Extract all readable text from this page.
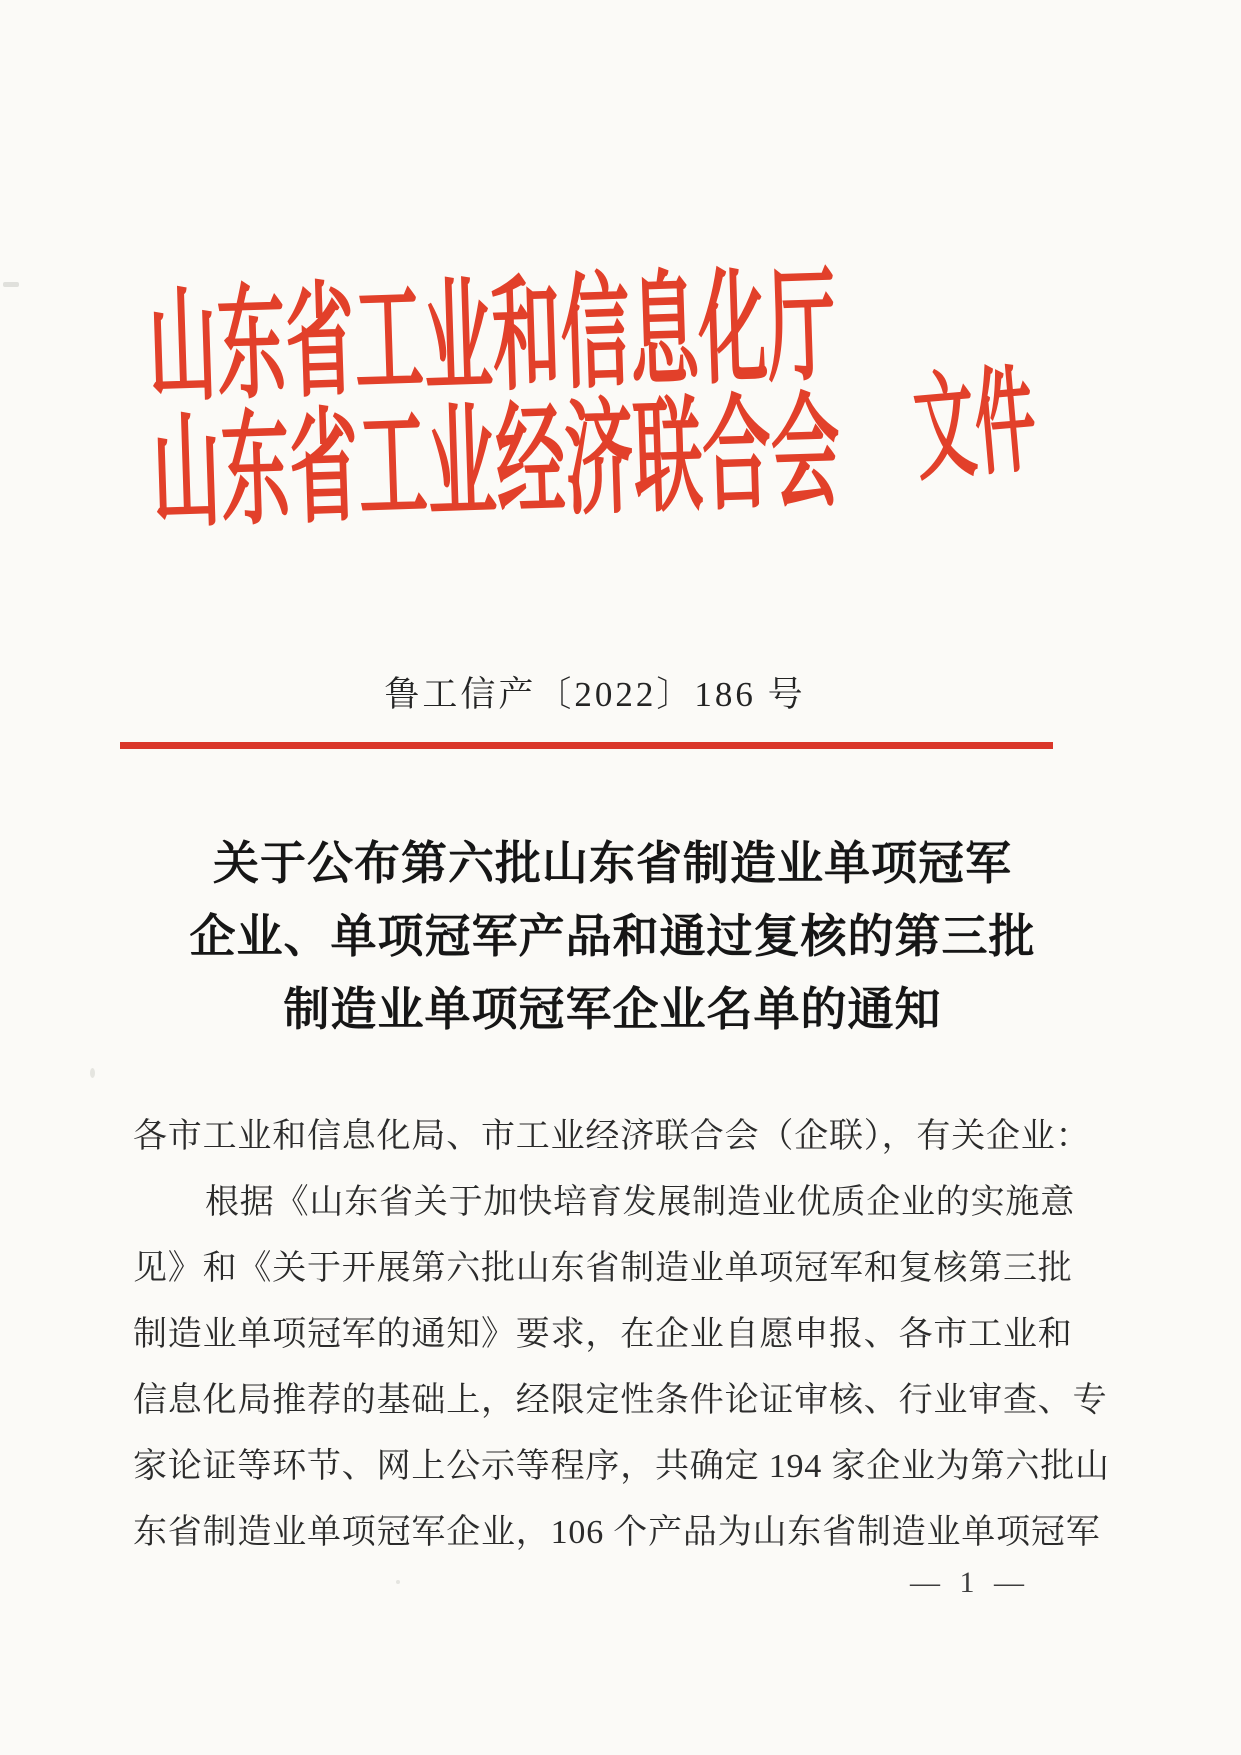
山东省工业和信息化厅
山东省工业经济联合会 文件
鲁工信产〔2022〕186 号
关于公布第六批山东省制造业单项冠军
企业、单项冠军产品和通过复核的第三批
制造业单项冠军企业名单的通知
各市工业和信息化局、市工业经济联合会（企联），有关企业：
根据《山东省关于加快培育发展制造业优质企业的实施意
见》和《关于开展第六批山东省制造业单项冠军和复核第三批
制造业单项冠军的通知》要求，在企业自愿申报、各市工业和
信息化局推荐的基础上，经限定性条件论证审核、行业审查、专
家论证等环节、网上公示等程序，共确定 194 家企业为第六批山
东省制造业单项冠军企业，106 个产品为山东省制造业单项冠军
— 1 —
